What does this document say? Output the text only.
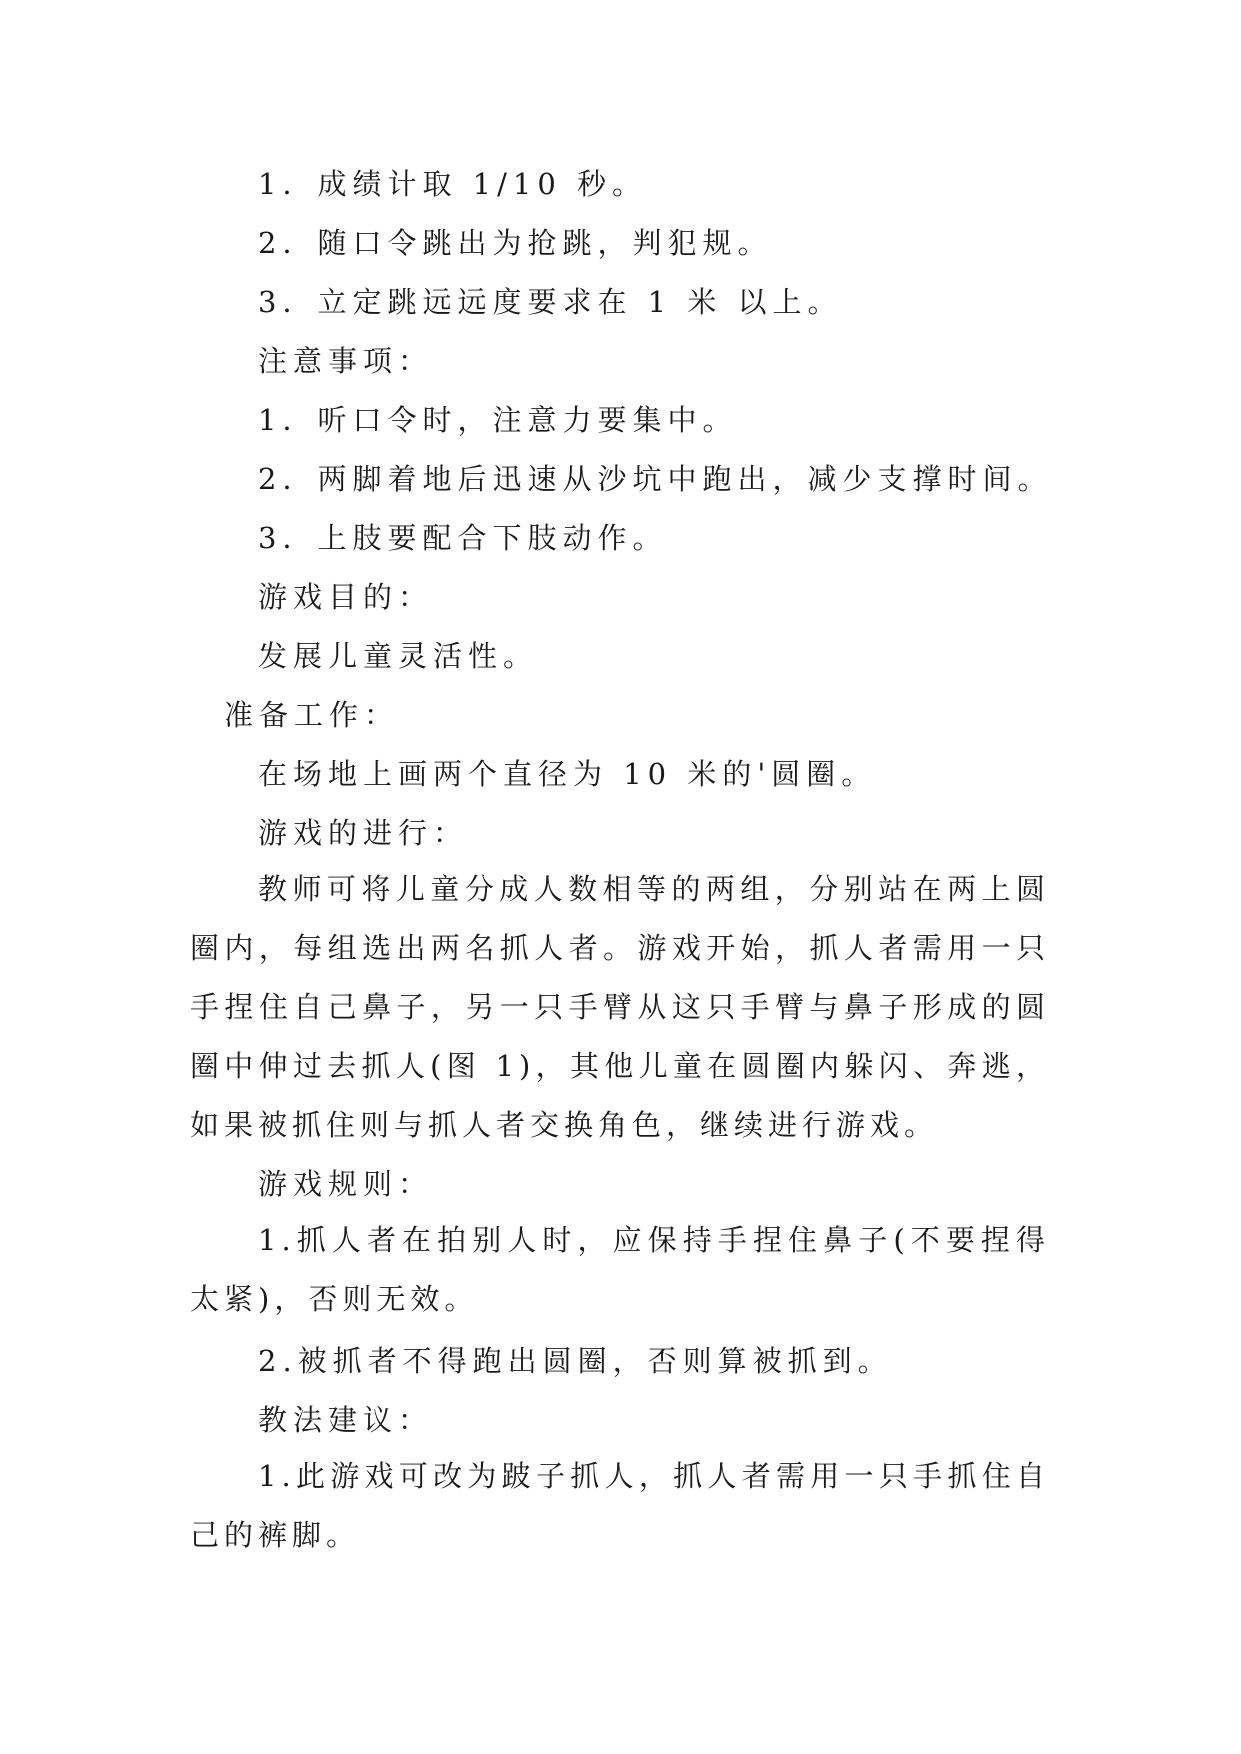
1．成绩计取 1/10 秒。

2．随口令跳出为抢跳，判犯规。

3．立定跳远远度要求在 1 米 以上。

注意事项：

1．听口令时，注意力要集中。

2．两脚着地后迅速从沙坑中跑出，减少支撑时间。

3．上肢要配合下肢动作。

游戏目的：

发展儿童灵活性。

准备工作：

在场地上画两个直径为 10 米的'圆圈。

游戏的进行：

教师可将儿童分成人数相等的两组，分别站在两上圆圈内，每组选出两名抓人者。游戏开始，抓人者需用一只手捏住自己鼻子，另一只手臂从这只手臂与鼻子形成的圆圈中伸过去抓人(图 1)，其他儿童在圆圈内躲闪、奔逃，如果被抓住则与抓人者交换角色，继续进行游戏。

游戏规则：

1.抓人者在拍别人时，应保持手捏住鼻子(不要捏得太紧)，否则无效。

2.被抓者不得跑出圆圈，否则算被抓到。

教法建议：

1.此游戏可改为跛子抓人，抓人者需用一只手抓住自己的裤脚。
